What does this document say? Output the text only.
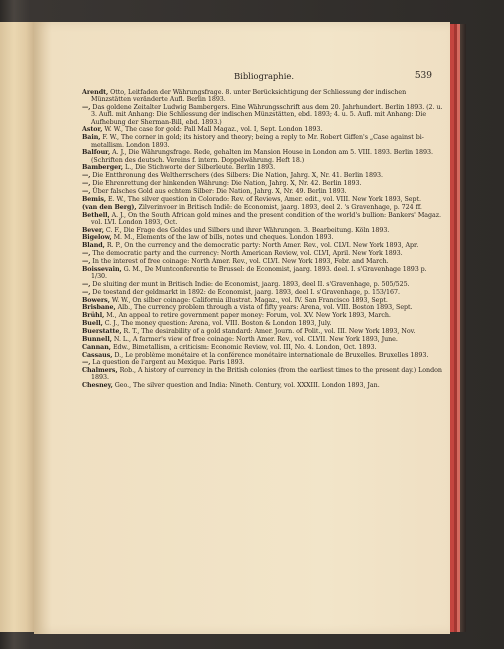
Bibliographie.	539

Arendt, Otto, Leitfaden der Währungsfrage. 8. unter Berücksichtigung der Schliessung der indischen Münzstätten veränderte Aufl. Berlin 1893.

—, Das goldene Zeitalter Ludwig Bambergers. Eine Währungsschrift aus dem 20. Jahrhundert. Berlin 1893. (2. u. 3. Aufl. mit Anhang: Die Schliessung der indischen Münzstätten, ebd. 1893; 4. u. 5. Aufl. mit Anhang: Die Aufhebung der Sherman-Bill, ebd. 1893.)

Astor, W. W., The case for gold: Pall Mall Magaz., vol. I, Sept. London 1893.

Bain, F. W., The corner in gold; its history and theory; being a reply to Mr. Robert Giffen's „Case against bi-metallism. London 1893.

Balfour, A. J., Die Währungsfrage. Rede, gehalten im Mansion House in London am 5. VIII. 1893. Berlin 1893. (Schriften des deutsch. Vereins f. intern. Doppelwährung. Heft 18.)

Bamberger, L., Die Stichworte der Silberleute. Berlin 1893.

—, Die Entthronung des Weltherrschers (des Silbers: Die Nation, Jahrg. X, Nr. 41. Berlin 1893.

—, Die Ehrenrettung der hinkenden Währung: Die Nation, Jahrg. X, Nr. 42. Berlin 1893.

—, Über falsches Gold aus echtem Silber: Die Nation, Jahrg. X, Nr. 49. Berlin 1893.

Bemis, E. W., The silver question in Colorado: Rev. of Reviews, Amer. edit., vol. VIII. New York 1893, Sept.

(van den Berg), Zilverinvoer in Britisch Indië: de Economist, jaarg. 1893, deel 2. 's Gravenhage, p. 724 ff.

Bethell, A. J., On the South African gold mines and the present condition of the world's bullion: Bankers' Magaz. vol. LVI. London 1893, Oct.

Bever, C. F., Die Frage des Goldes und Silbers und ihrer Währungen. 3. Bearbeitung. Köln 1893.

Bigelow, M. M., Elements of the law of bills, notes und cheques. London 1893.

Bland, R. P., On the currency and the democratic party: North Amer. Rev., vol. CLVI. New York 1893, Apr.

—, The democratic party and the currency: North American Review, vol. CLVI, April. New York 1893.

—, In the interest of free coinage: North Amer. Rev., vol. CLVI. New York 1893, Febr. and March.

Boissevain, G. M., De Muntconferentie te Brussel: de Economist, jaarg. 1893. deel. I. s'Gravenhage 1893 p. 1/30.

—, De sluiting der munt in Britisch Indie: de Economist, jaarg. 1893, deel II. s'Gravenhage, p. 505/525.

—, De toestand der geldmarkt in 1892: de Economist, jaarg. 1893, deel I. s'Gravenhage, p. 153/167.

Bowers, W. W., On silber coinage: California illustrat. Magaz., vol. IV. San Francisco 1893, Sept.

Brisbane, Alb., The currency problem through a vista of fifty years: Arena, vol. VIII. Boston 1893, Sept.

Brühl, M., An appeal to retire government paper money: Forum, vol. XV. New York 1893, March.

Buell, C. J., The money question: Arena, vol. VIII. Boston & London 1893, July.

Buerstatte, R. T., The desirability of a gold standard: Amer. Journ. of Polit., vol. III. New York 1893, Nov.

Bunnell, N. L., A farmer's view of free coinage: North Amer. Rev., vol. CLVII. New York 1893, June.

Cannan, Edw., Bimetallism, a criticism: Economic Review, vol. III, No. 4. London, Oct. 1893.

Cassaus, D., Le problème monétaire et la conférence monétaire internationale de Bruxelles. Bruxelles 1893.

—, La question de l'argent au Mexique. Paris 1893.

Chalmers, Rob., A history of currency in the British colonies (from the earliest times to the present day.) London 1893.

Chesney, Geo., The silver question and India: Nineth. Century, vol. XXXIII. London 1893, Jan.
